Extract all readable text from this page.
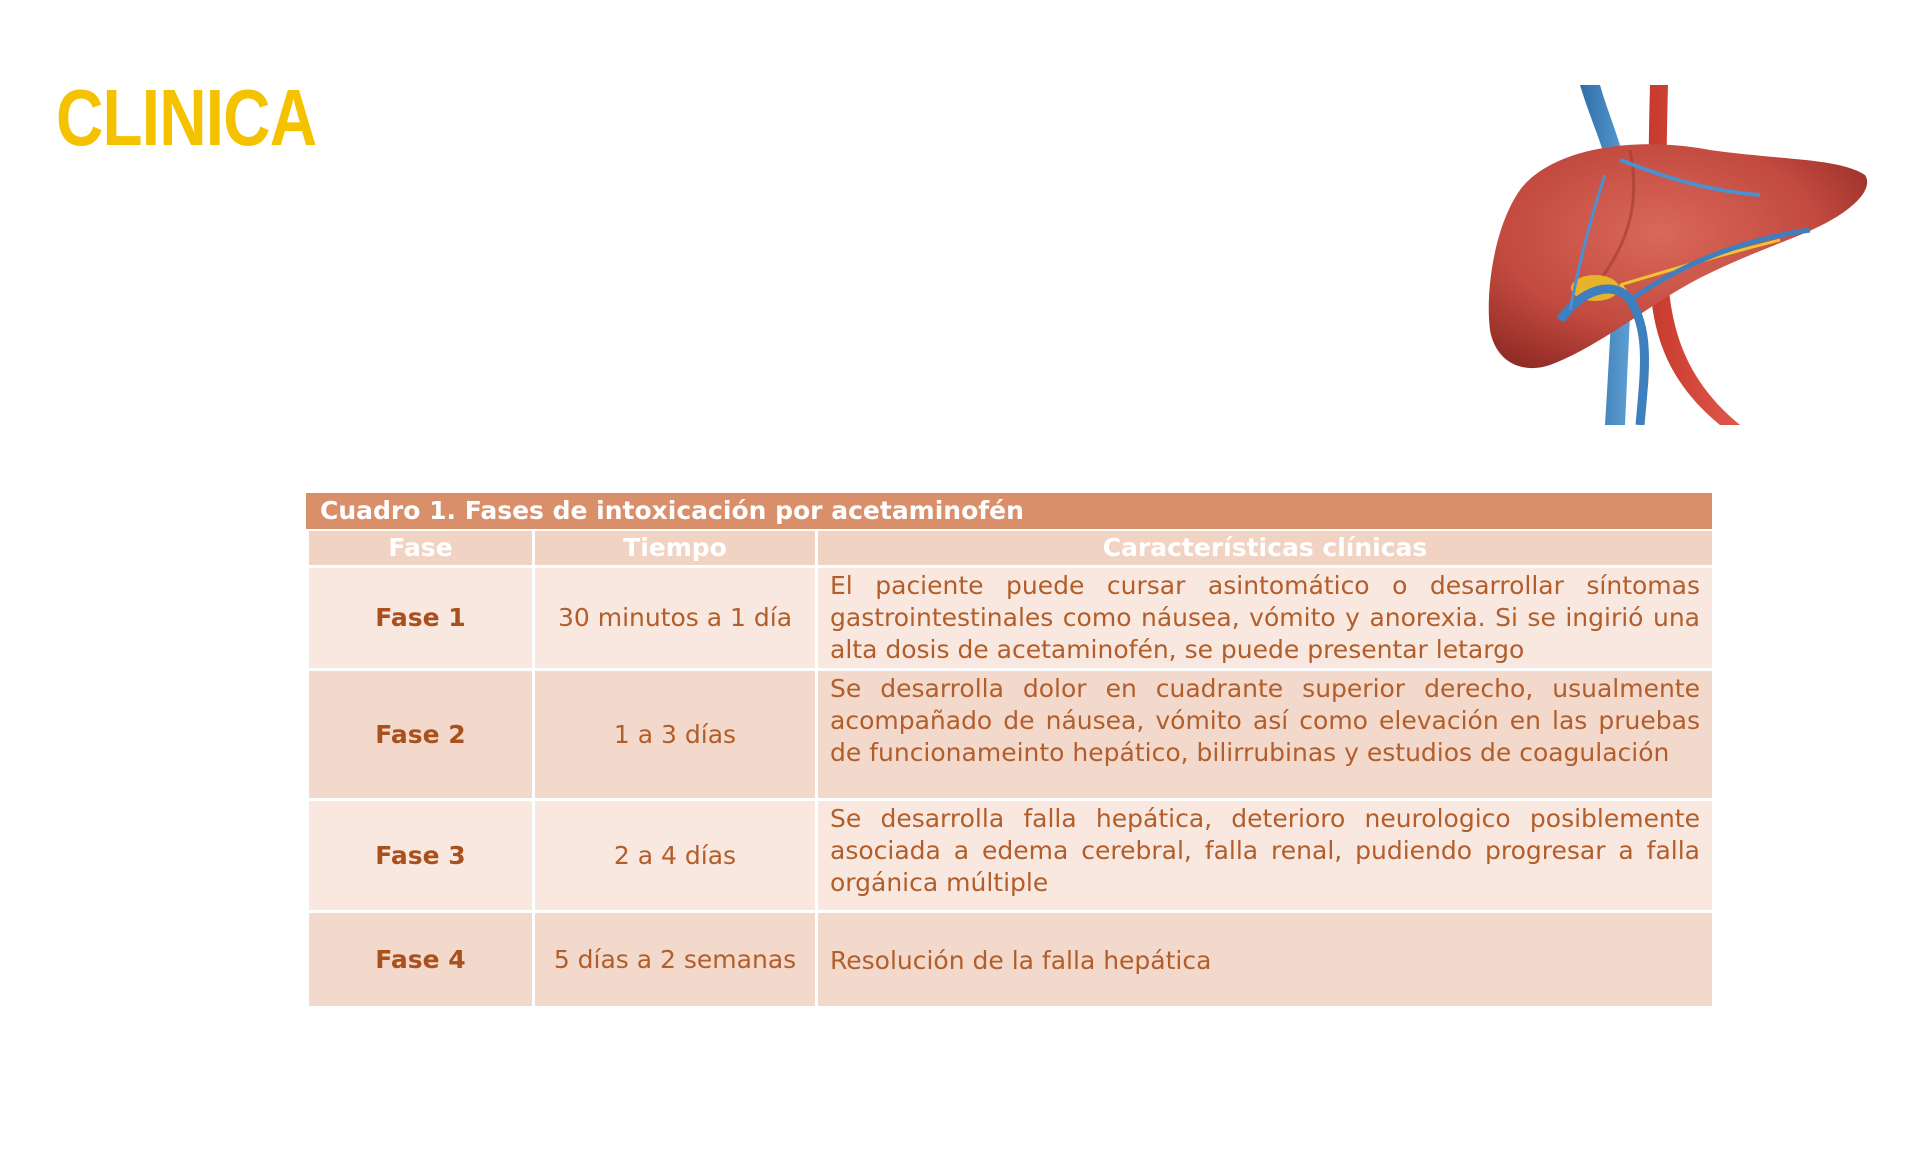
CLINICA
Cuadro 1. Fases de intoxicación por acetaminofén
Fase	Tiempo	Características clínicas
Fase 1	30 minutos a 1 día	El paciente puede cursar asintomático o desarrollar síntomas gastrointestinales como náusea, vómito y anorexia. Si se ingirió una alta dosis de acetaminofén, se puede presentar letargo
Fase 2	1 a 3 días	Se desarrolla dolor en cuadrante superior derecho, usualmente acompañado de náusea, vómito así como elevación en las pruebas de funcionameinto hepático, bilirrubinas y estudios de coagulación
Fase 3	2 a 4 días	Se desarrolla falla hepática, deterioro neurologico posiblemente asociada a edema cerebral, falla renal, pudiendo progresar a falla orgánica múltiple
Fase 4	5 días a 2 semanas	Resolución de la falla hepática
